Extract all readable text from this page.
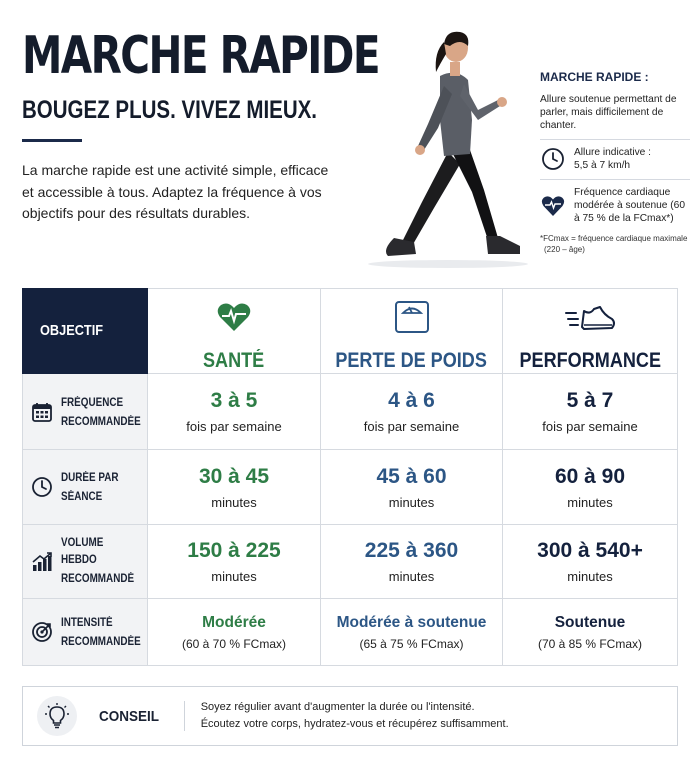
MARCHE RAPIDE
BOUGEZ PLUS. VIVEZ MIEUX.
La marche rapide est une activité simple, efficace et accessible à tous. Adaptez la fréquence à vos objectifs pour des résultats durables.
MARCHE RAPIDE :
Allure soutenue permettant de parler, mais difficilement de chanter.
Allure indicative :
5,5 à 7 km/h
Fréquence cardiaque modérée à soutenue (60 à 75 % de la FCmax*)
*FCmax = fréquence cardiaque maximale
(220 – âge)
OBJECTIF
SANTÉ	PERTE DE POIDS PERFORMANCE
FRÉQUENCE
RECOMMANDÉE
3 à 5
fois par semaine
4 à 6
fois par semaine
5 à 7
fois par semaine
DURÉE PAR
SÉANCE
30 à 45
minutes
45 à 60
minutes
60 à 90
minutes
VOLUME HEBDO
RECOMMANDÉ
150 à 225
minutes
225 à 360
minutes
300 à 540+
minutes
INTENSITÉ
RECOMMANDÉE
Modérée
(60 à 70 % FCmax)
Modérée à soutenue
(65 à 75 % FCmax)
Soutenue
(70 à 85 % FCmax)
CONSEIL
Soyez régulier avant d'augmenter la durée ou l'intensité.
Écoutez votre corps, hydratez-vous et récupérez suffisamment.
